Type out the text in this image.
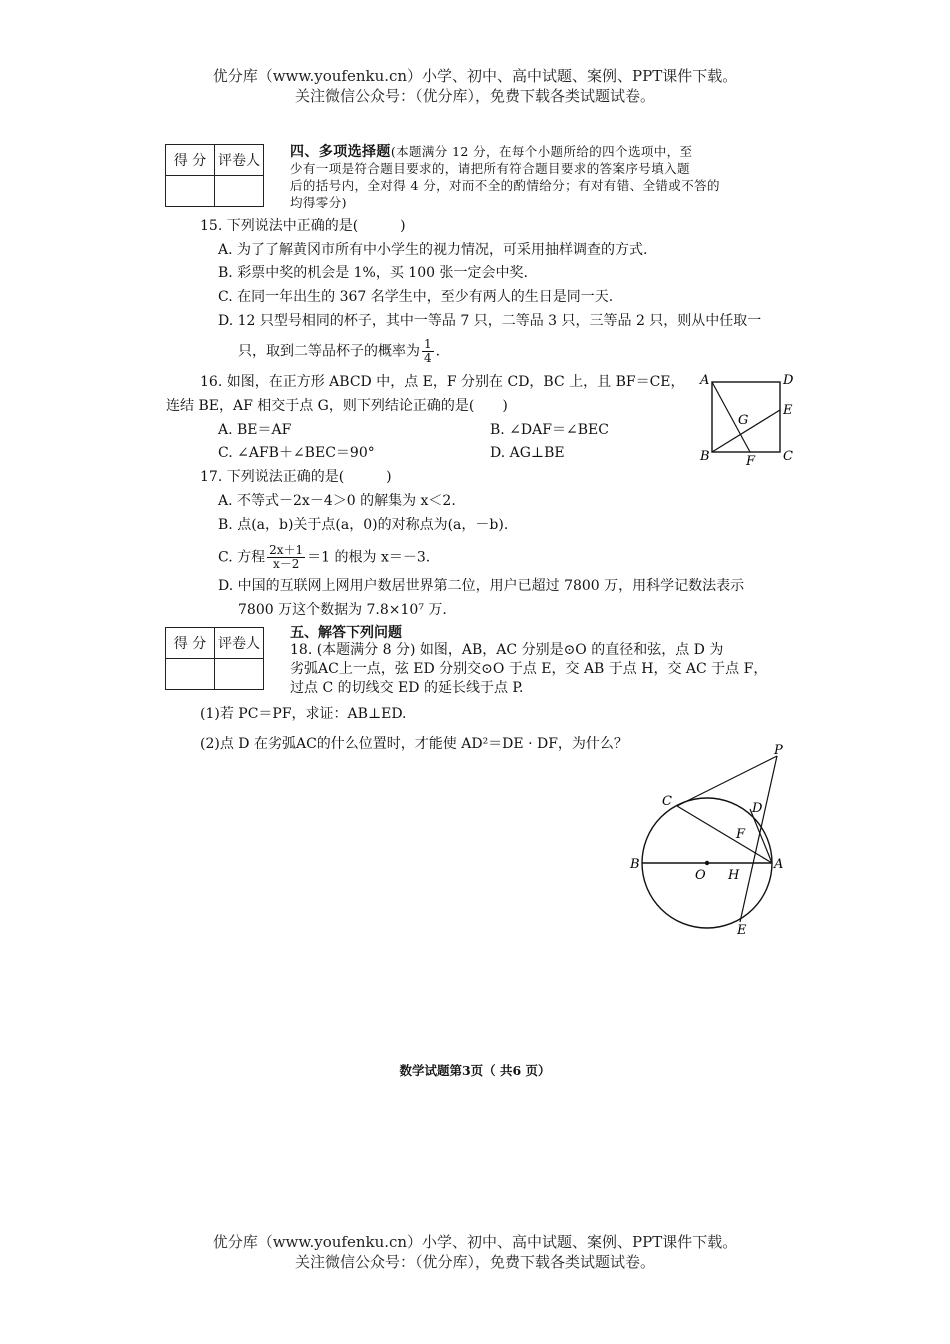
优分库（www.youfenku.cn）小学、初中、高中试题、案例、PPT课件下载。
关注微信公众号：（优分库），免费下载各类试题试卷。
得 分	评卷人

四、多项选择题(本题满分 12 分，在每个小题所给的四个选项中，至
少有一项是符合题目要求的，请把所有符合题目要求的答案序号填入题
后的括号内，全对得 4 分，对而不全的酌情给分；有对有错、全错或不答的
均得零分)
15. 下列说法中正确的是(　　　)
A. 为了了解黄冈市所有中小学生的视力情况，可采用抽样调查的方式.
B. 彩票中奖的机会是 1%，买 100 张一定会中奖.
C. 在同一年出生的 367 名学生中，至少有两人的生日是同一天.
D. 12 只型号相同的杯子，其中一等品 7 只，二等品 3 只，三等品 2 只，则从中任取一
只，取到二等品杯子的概率为 $\frac{1}{4}$ .
16. 如图，在正方形 ABCD 中，点 E，F 分别在 CD，BC 上，且 BF＝CE，
连结 BE，AF 相交于点 G，则下列结论正确的是(　　)
A. BE＝AF	B. ∠DAF＝∠BEC
C. ∠AFB＋∠BEC＝90°	D. AG⊥BE
A	D
E
G
B	F C
17. 下列说法正确的是(　　　)
A. 不等式－2x－4＞0 的解集为 x＜2.
B. 点(a，b)关于点(a，0)的对称点为(a，－b).
C. 方程 $\frac{2x+1}{x-2} =1$ 的根为 x＝－3.
D. 中国的互联网上网用户数居世界第二位，用户已超过 7800 万，用科学记数法表示
7800 万这个数据为 7.8×10⁷ 万.
得 分	评卷人

五、解答下列问题
18. (本题满分 8 分) 如图，AB，AC 分别是⊙O 的直径和弦，点 D 为
劣弧AC上一点，弦 ED 分别交⊙O 于点 E，交 AB 于点 H，交 AC 于点 F，
过点 C 的切线交 ED 的延长线于点 P.
(1)若 PC＝PF，求证：AB⊥ED.
(2)点 D 在劣弧AC的什么位置时，才能使 AD²＝DE · DF，为什么？	P
C	D
F
B
O H
A
E
数学试题第3页（ 共6 页）
优分库（www.youfenku.cn）小学、初中、高中试题、案例、PPT课件下载。
关注微信公众号：（优分库），免费下载各类试题试卷。
